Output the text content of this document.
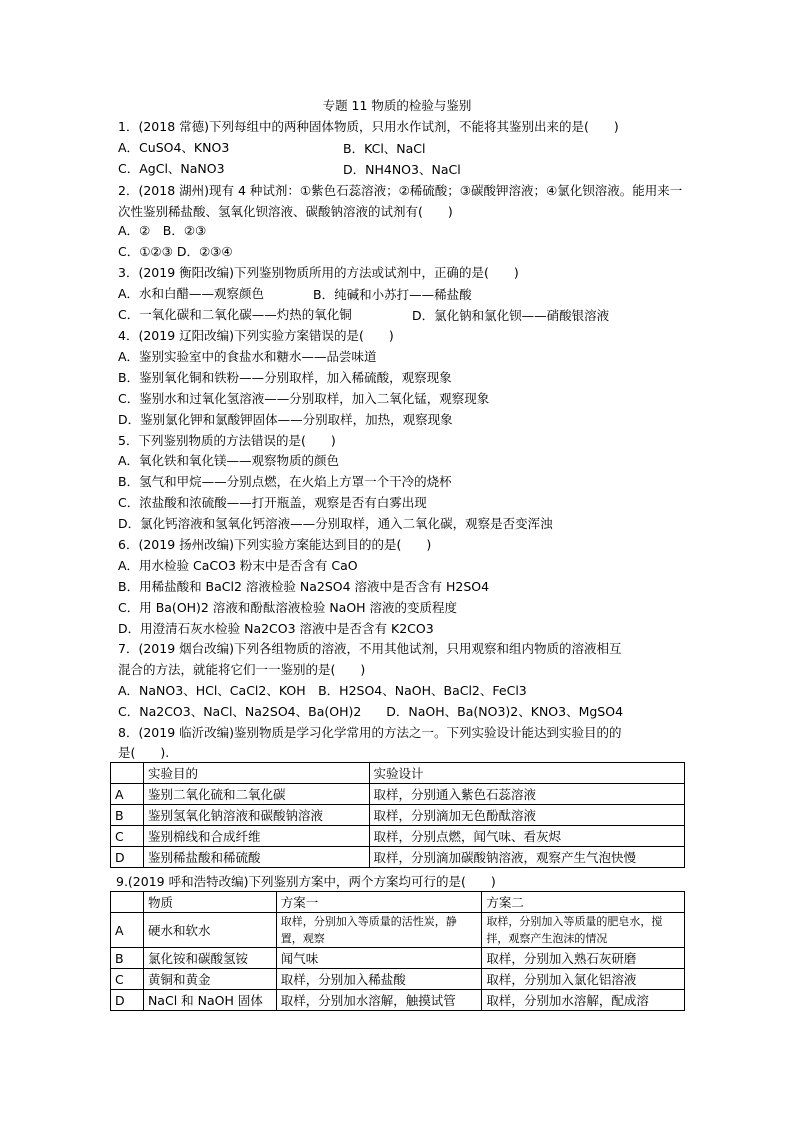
专题 11 物质的检验与鉴别
1．(2018 常德)下列每组中的两种固体物质，只用水作试剂，不能将其鉴别出来的是(　　)
A．CuSO4、KNO3	B．KCl、NaCl
C．AgCl、NaNO3	D．NH4NO3、NaCl
2．(2018 湖州)现有 4 种试剂：①紫色石蕊溶液；②稀硫酸；③碳酸钾溶液；④氯化钡溶液。能用来一次性鉴别稀盐酸、氢氧化钡溶液、碳酸钠溶液的试剂有(　　)
A．②　B．②③
C．①②③ D．②③④
3．(2019 衡阳改编)下列鉴别物质所用的方法或试剂中，正确的是(　　)
A．水和白醋——观察颜色	B．纯碱和小苏打——稀盐酸
C．一氧化碳和二氧化碳——灼热的氧化铜	D．氯化钠和氯化钡——硝酸银溶液
4．(2019 辽阳改编)下列实验方案错误的是(　　)
A．鉴别实验室中的食盐水和糖水——品尝味道
B．鉴别氧化铜和铁粉——分别取样，加入稀硫酸，观察现象
C．鉴别水和过氧化氢溶液——分别取样，加入二氧化锰，观察现象
D．鉴别氯化钾和氯酸钾固体——分别取样，加热，观察现象
5．下列鉴别物质的方法错误的是(　　)
A．氧化铁和氧化镁——观察物质的颜色
B．氢气和甲烷——分别点燃，在火焰上方罩一个干冷的烧杯
C．浓盐酸和浓硫酸——打开瓶盖，观察是否有白雾出现
D．氯化钙溶液和氢氧化钙溶液——分别取样，通入二氧化碳，观察是否变浑浊
6．(2019 扬州改编)下列实验方案能达到目的的是(　　)
A．用水检验 CaCO3 粉末中是否含有 CaO
B．用稀盐酸和 BaCl2 溶液检验 Na2SO4 溶液中是否含有 H2SO4
C．用 Ba(OH)2 溶液和酚酞溶液检验 NaOH 溶液的变质程度
D．用澄清石灰水检验 Na2CO3 溶液中是否含有 K2CO3
7．(2019 烟台改编)下列各组物质的溶液，不用其他试剂，只用观察和组内物质的溶液相互
混合的方法，就能将它们一一鉴别的是(　　)
A．NaNO3、HCl、CaCl2、KOH　B．H2SO4、NaOH、BaCl2、FeCl3
C．Na2CO3、NaCl、Na2SO4、Ba(OH)2　　D．NaOH、Ba(NO3)2、KNO3、MgSO4
8．(2019 临沂改编)鉴别物质是学习化学常用的方法之一。下列实验设计能达到实验目的的
是(　　).
	实验目的	实验设计
A	鉴别二氧化硫和二氧化碳	取样，分别通入紫色石蕊溶液
B	鉴别氢氧化钠溶液和碳酸钠溶液	取样，分别滴加无色酚酞溶液
C	鉴别棉线和合成纤维	取样，分别点燃，闻气味、看灰烬
D	鉴别稀盐酸和稀硫酸	取样，分别滴加碳酸钠溶液，观察产生气泡快慢
9.(2019 呼和浩特改编)下列鉴别方案中，两个方案均可行的是(　　)
	物质	方案一	方案二
A	硬水和软水	取样，分别加入等质量的活性炭，静置，观察	取样，分别加入等质量的肥皂水，搅拌，观察产生泡沫的情况
B	氯化铵和碳酸氢铵	闻气味	取样，分别加入熟石灰研磨
C	黄铜和黄金	取样，分别加入稀盐酸	取样，分别加入氯化铝溶液
D	NaCl 和 NaOH 固体	取样，分别加水溶解，触摸试管	取样，分别加水溶解，配成溶
